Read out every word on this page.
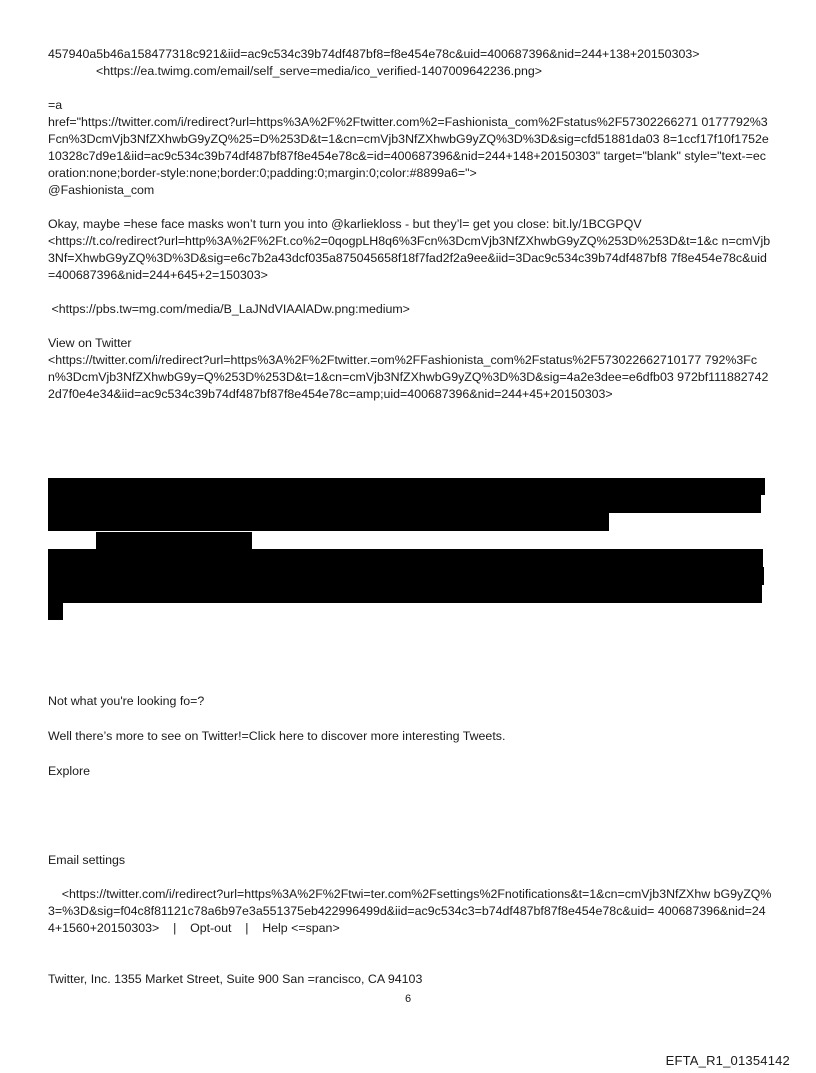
457940a5b46a158477318c921&iid=ac9c534c39b74df487bf8=f8e454e78c&uid=400687396&nid=244+138+20150303>

<https://ea.twimg.com/email/self_serve=media/ico_verified-1407009642236.png>

=a

href="https://twitter.com/i/redirect?url=https%3A%2F%2Ftwitter.com%2=Fashionista_com%2Fstatus%2F57302266271 0177792%3Fcn%3DcmVjb3NfZXhwbG9yZQ%25=D%253D&t=1&cn=cmVjb3NfZXhwbG9yZQ%3D%3D&sig=cfd51881da03 8=1ccf17f10f1752e10328c7d9e1&iid=ac9c534c39b74df487bf87f8e454e78c&=id=400687396&nid=244+148+20150303" target="blank" style="text-=ecoration:none;border-style:none;border:0;padding:0;margin:0;color:#8899a6=">

@Fashionista_com

Okay, maybe =hese face masks won’t turn you into @karliekloss - but they’l= get you close: bit.ly/1BCGPQV

<https://t.co/redirect?url=http%3A%2F%2Ft.co%2=0qogpLH8q6%3Fcn%3DcmVjb3NfZXhwbG9yZQ%253D%253D&t=1&c n=cmVjb3Nf=XhwbG9yZQ%3D%3D&sig=e6c7b2a43dcf035a875045658f18f7fad2f2a9ee&iid=3Dac9c534c39b74df487bf8 7f8e454e78c&uid=400687396&nid=244+645+2=150303>

<https://pbs.tw=mg.com/media/B_LaJNdVIAAlADw.png:medium>

View on Twitter

<https://twitter.com/i/redirect?url=https%3A%2F%2Ftwitter.=om%2FFashionista_com%2Fstatus%2F573022662710177 792%3Fcn%3DcmVjb3NfZXhwbG9y=Q%253D%253D&t=1&cn=cmVjb3NfZXhwbG9yZQ%3D%3D&sig=4a2e3dee=e6dfb03 972bf1118827422d7f0e4e34&iid=ac9c534c39b74df487bf87f8e454e78c=amp;uid=400687396&nid=244+45+20150303>

Not what you're looking fo=?

Well there’s more to see on Twitter!=Click here to discover more interesting Tweets.

Explore

Email settings

<https://twitter.com/i/redirect?url=https%3A%2F%2Ftwi=ter.com%2Fsettings%2Fnotifications&t=1&cn=cmVjb3NfZXhw bG9yZQ%3=%3D&sig=f04c8f81121c78a6b97e3a551375eb422996499d&iid=ac9c534c3=b74df487bf87f8e454e78c&uid= 400687396&nid=244+1560+20150303> | Opt-out | Help <=span>

Twitter, Inc. 1355 Market Street, Suite 900 San =rancisco, CA 94103

6
EFTA_R1_01354142
